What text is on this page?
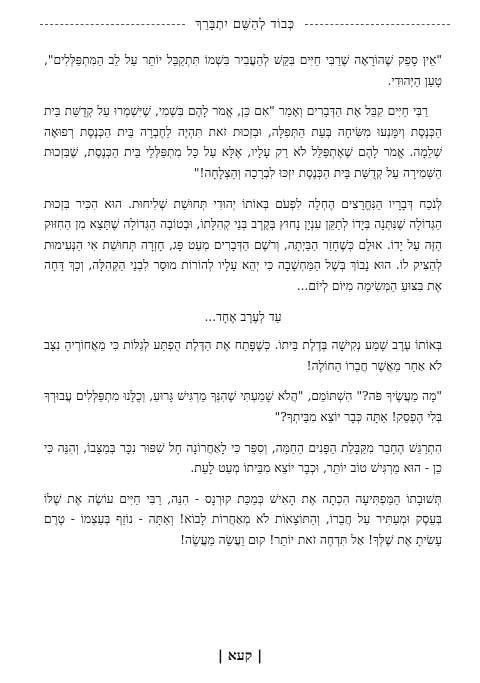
כְּבוֹד לְהַשֵּׁם יִתְבָּרַךְ

"אֵין סָפֵק שֶׁהוֹרָאָה שֶׁרַבִּי חַיִּים בִּקֵּשׁ לְהַעֲבִיר בִּשְׁמוֹ תִּתְקַבֵּל יוֹתֵר עַל לֵב הַמִּתְפַּלְּלִים", טָעַן הַיְּהוּדִי.

רַבִּי חַיִּים קִבֵּל אֶת הַדְּבָרִים וְאָמַר "אִם כֵּן, אֱמֹר לָהֶם בִּשְׁמִי, שֶׁיִּשְׁמְרוּ עַל קְדֻשַּׁת בֵּית הַכְּנֶסֶת וְיִמָּנְעוּ מִשִּׂיחָה בְּעֵת הַתְּפִלָּה, וּבִזְכוּת זֹאת תִּהְיֶה לַחֶבְרָה בֵּית הַכְּנֶסֶת רְפוּאָה שְׁלֵמָה. אֱמֹר לָהֶם שֶׁאֶתְפַּלֵּל לֹא רַק עָלָיו, אֶלָּא עַל כָּל מִתְפַּלְּלֵי בֵּית הַכְּנֶסֶת, שֶׁבִּזְכוּת הַשְּׁמִירָה עַל קְדֻשַּׁת בֵּית הַכְּנֶסֶת יִזְכּוּ לִבְרָכָה וְהַצְלָחָה!"

לְנֹכַח דְּבָרָיו הַנִּחֱרָצִים הֶחְלָה לִפְעֹם בְּאוֹתוֹ יְהוּדִי תְּחוּשַׁת שְׁלִיחוּת. הוּא הִכִּיר בִּזְכוּת הַגְּדוֹלָה שֶׁנִּתְּנָה בְּיָדוֹ לְתַקֵּן עִנְיָן נָחוּץ בְּקֶרֶב בְּנֵי קְהִלָּתוֹ, וּבְטוֹבָה הַגְּדוֹלָה שֶׁתֵּצֵא מִן הַחִזּוּק הַזֶּה עַל יָדוֹ. אוּלָם כְּשֶׁחָזַר הַבַּיְתָה, וְרֹשֶׁם הַדְּבָרִים מְעַט פָּג, חָזְרָה תְּחוּשַׁת אִי הַנְּעִימוּת לְהַצִּיק לוֹ. הוּא נָבוֹךְ בְּשֶׁל הַמַּחְשָׁבָה כִּי יְהֵא עָלָיו לְהוֹרוֹת מוּסָר לִבְנֵי הַקְּהִלָּה, וְכָךְ דָּחָה אֶת בִּצּוּעַ הַמְּשִׂימָה מִיּוֹם לְיוֹם...

עַד לְעֶרֶב אֶחָד...

בְּאוֹתוֹ עֶרֶב שָׁמַע נְקִישָׁה בְּדֶלֶת בֵּיתוֹ. כְּשֶׁפָּתַח אֶת הַדֶּלֶת הֻפְתַּע לְגַלּוֹת כִּי מֵאֲחוֹרֶיהָ נִצָּב לֹא אַחֵר מֵאֲשֶׁר חֲבֵרוֹ הַחוֹלֶה!

"מָה מַעֲשֶׂיךָ פֹּה?" הִשְׁתּוֹמֵם, "הֲלֹא שָׁמַעְתִּי שֶׁהִנְּךָ מַרְגִּישׁ גָּרוּעַ, וְכֻלָּנוּ מִתְפַּלְּלִים עֲבוּרְךָ בְּלִי הֶפְסֵק! אַתָּה כְּבָר יוֹצֵא מִבֵּיתְךָ?"

הִתְרַגֵּשׁ הֶחָבֵר מִקַּבָּלַת הַפָּנִים הַחַמָּה, וְסִפֵּר כִּי לָאַחֲרוֹנָה חָל שִׁפּוּר נִכָּר בְּמַצָּבוֹ, וְהִנֵּה כִּי כֵן - הוּא מַרְגִּישׁ טוֹב יוֹתֵר, וּכְבָר יוֹצֵא מִבֵּיתוֹ מְעַט לָעֵת.

תְּשׁוּבָתוֹ הַמַּפְתִּיעָה הִכְתָה אֶת הָאִישׁ כְּמַכַּת קוּרְנָס - הִנֵּה, רַבִּי חַיִּים עוֹשֶׂה אֶת שֶׁלּוֹ בְּעֵסֶק וּמְעַתִּיר עַל חֲבֵרוֹ, וְהַתּוֹצָאוֹת לֹא מְאַחֲרוֹת לָבוֹא! וְאַתָּה - נוֹזֵף בְּעַצְמוֹ - טֶרֶם עָשִׂיתָ אֶת שֶׁלְּךָ! אַל תִּדְחֶה זֹאת יוֹתֵר! קוּם וַעֲשֵׂה מַעֲשֶׂה!

| קעא |
